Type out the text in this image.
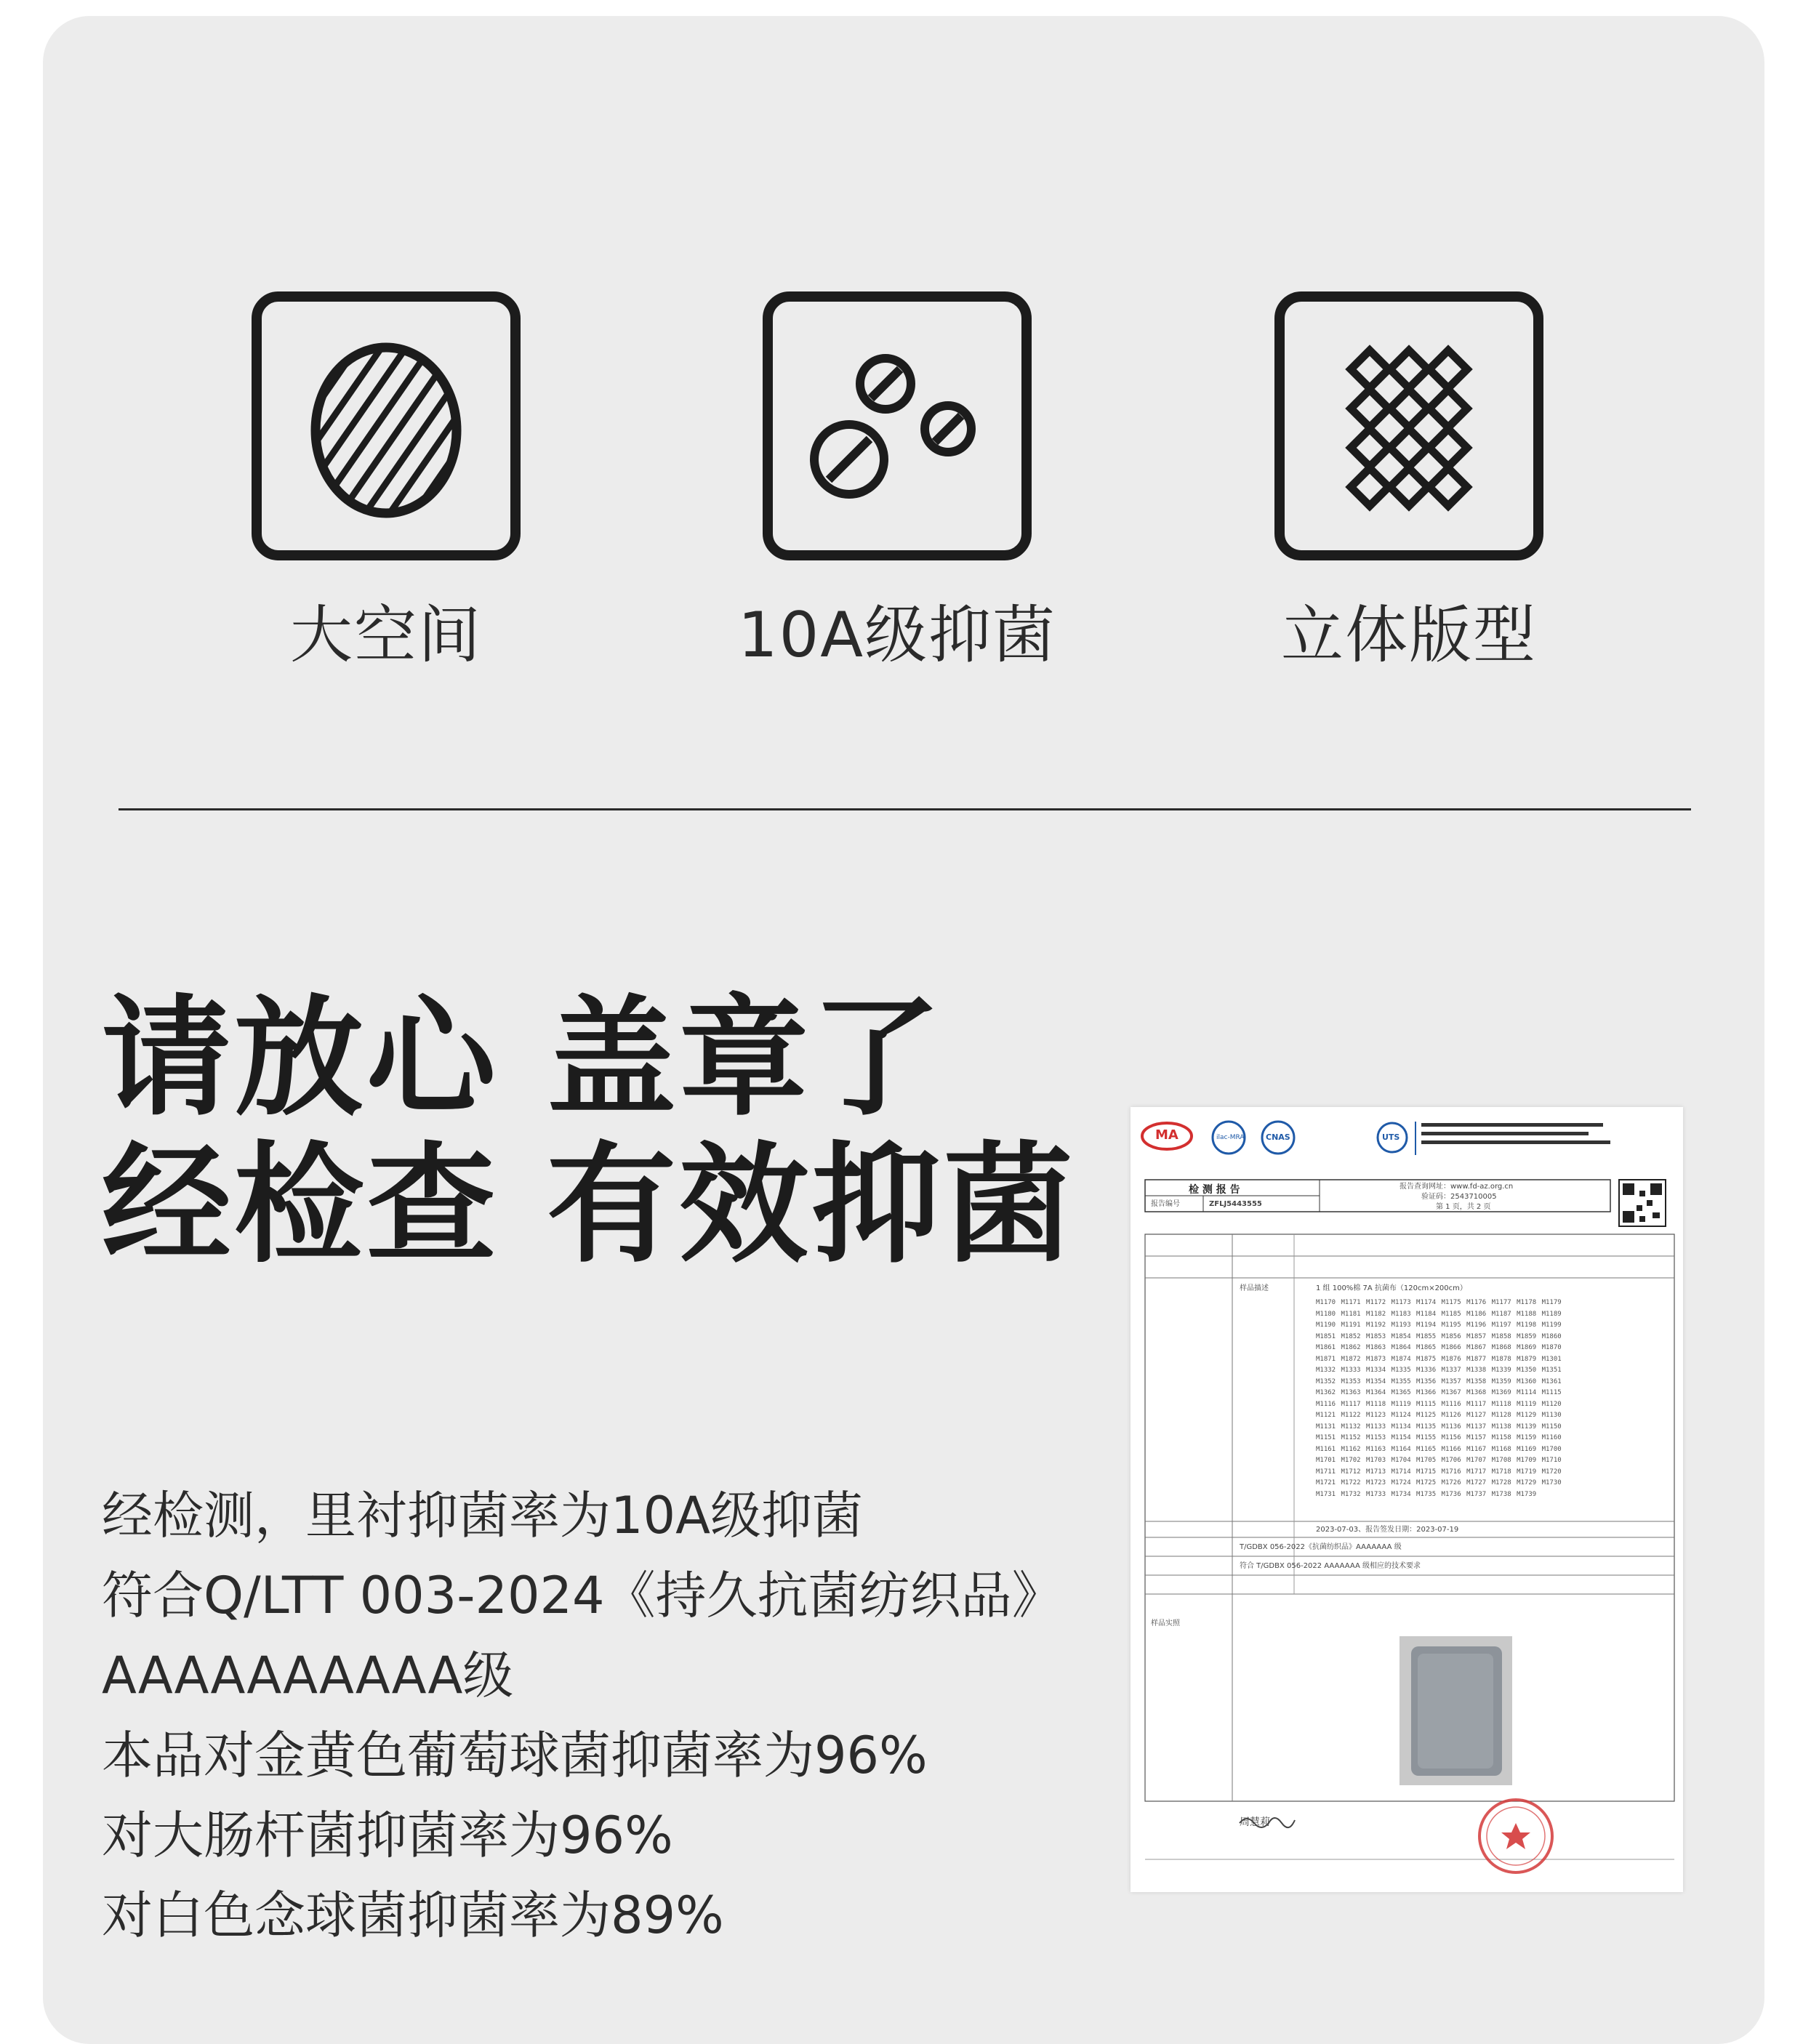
大空间	10A级抑菌	立体版型
请放心 盖章了
经检查 有效抑菌
经检测，里衬抑菌率为10A级抑菌
符合Q/LTT 003-2024《持久抗菌纺织品》
AAAAAAAAAA级
本品对金黄色葡萄球菌抑菌率为96%
对大肠杆菌抑菌率为96%
对白色念球菌抑菌率为89%
MA	ilac-MRA	CNAS	UTS
检 测 报 告
报告编号	ZFLJ5443555
报告查询网址：www.fd-az.org.cn
验证码：2543710005
第 1 页，共 2 页
样品描述	1 组 100%棉 7A 抗菌布（120cm×200cm）
M1170 M1171 M1172 M1173 M1174 M1175 M1176 M1177 M1178 M1179
M1180 M1181 M1182 M1183 M1184 M1185 M1186 M1187 M1188 M1189
M1190 M1191 M1192 M1193 M1194 M1195 M1196 M1197 M1198 M1199
M1851 M1852 M1853 M1854 M1855 M1856 M1857 M1858 M1859 M1860
M1861 M1862 M1863 M1864 M1865 M1866 M1867 M1868 M1869 M1870
M1871 M1872 M1873 M1874 M1875 M1876 M1877 M1878 M1879 M1301
M1332 M1333 M1334 M1335 M1336 M1337 M1338 M1339 M1350 M1351
M1352 M1353 M1354 M1355 M1356 M1357 M1358 M1359 M1360 M1361
M1362 M1363 M1364 M1365 M1366 M1367 M1368 M1369 M1114 M1115
M1116 M1117 M1118 M1119 M1115 M1116 M1117 M1118 M1119 M1120
M1121 M1122 M1123 M1124 M1125 M1126 M1127 M1128 M1129 M1130
M1131 M1132 M1133 M1134 M1135 M1136 M1137 M1138 M1139 M1150
M1151 M1152 M1153 M1154 M1155 M1156 M1157 M1158 M1159 M1160
M1161 M1162 M1163 M1164 M1165 M1166 M1167 M1168 M1169 M1700
M1701 M1702 M1703 M1704 M1705 M1706 M1707 M1708 M1709 M1710
M1711 M1712 M1713 M1714 M1715 M1716 M1717 M1718 M1719 M1720
M1721 M1722 M1723 M1724 M1725 M1726 M1727 M1728 M1729 M1730
M1731 M1732 M1733 M1734 M1735 M1736 M1737 M1738 M1739
2023-07-03、报告签发日期：2023-07-19
T/GDBX 056-2022《抗菌纺织品》AAAAAAA 级
符合 T/GDBX 056-2022 AAAAAAA 级相应的技术要求
样品实照
周慧莉
